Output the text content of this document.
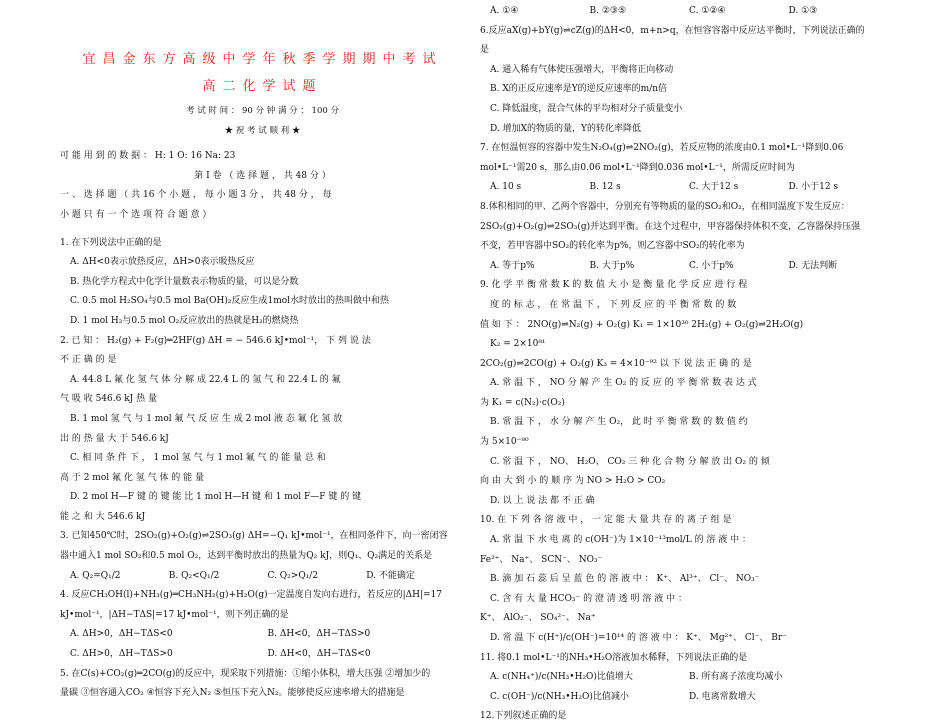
宜昌金东方高级中学年秋季学期期中考试
高二化学试题
考 试 时 间 ： 90 分 钟 满 分 ： 100 分
★ 祝 考 试 顺 利 ★
可 能 用 到 的 数 据 ： H: 1 O: 16 Na: 23
第 Ⅰ 卷 （ 选 择 题 ， 共 48 分 ）
一 、 选 择 题 （ 共 16 个 小 题 ， 每 小 题 3 分 ， 共 48 分 ， 每
小 题 只 有 一 个 选 项 符 合 题 意 ）
1. 在下列说法中正确的是
A. ΔH<0表示放热反应，ΔH>0表示吸热反应
B. 热化学方程式中化学计量数表示物质的量，可以是分数
C. 0.5 mol H₂SO₄与0.5 mol Ba(OH)₂反应生成1mol水时放出的热叫做中和热
D. 1 mol H₂与0.5 mol O₂反应放出的热就是H₂的燃烧热
2. 已 知 ： H₂(g) + F₂(g)═2HF(g) ΔH = − 546.6 kJ•mol⁻¹， 下 列 说 法
不 正 确 的 是
A. 44.8 L 氟 化 氢 气 体 分 解 成 22.4 L 的 氢 气 和 22.4 L 的 氟
气 吸 收 546.6 kJ 热 量
B. 1 mol 氢 气 与 1 mol 氟 气 反 应 生 成 2 mol 液 态 氟 化 氢 放
出 的 热 量 大 于 546.6 kJ
C. 相 同 条 件 下 ， 1 mol 氢 气 与 1 mol 氟 气 的 能 量 总 和
高 于 2 mol 氟 化 氢 气 体 的 能 量
D. 2 mol H—F 键 的 键 能 比 1 mol H—H 键 和 1 mol F—F 键 的 键
能 之 和 大 546.6 kJ
3. 已知450℃时，2SO₂(g)+O₂(g)⇌2SO₃(g) ΔH=−Q₁ kJ•mol⁻¹，在相同条件下，向一密闭容
器中通入1 mol SO₂和0.5 mol O₂，达到平衡时放出的热量为Q₂ kJ，则Q₁、Q₂满足的关系是
A. Q₂=Q₁/2	B. Q₂<Q₁/2	C. Q₂>Q₁/2	D. 不能确定
4. 反应CH₃OH(l)+NH₃(g)═CH₃NH₂(g)+H₂O(g)一定温度自发向右进行，若反应的|ΔH|=17
kJ•mol⁻¹，|ΔH−TΔS|=17 kJ•mol⁻¹，则下列正确的是
A. ΔH>0，ΔH−TΔS<0	B. ΔH<0，ΔH−TΔS>0
C. ΔH>0，ΔH−TΔS>0	D. ΔH<0，ΔH−TΔS<0
5. 在C(s)+CO₂(g)═2CO(g)的反应中，现采取下列措施：①缩小体积，增大压强 ②增加少的
量碳 ③恒容通入CO₂ ④恒容下充入N₂ ⑤恒压下充入N₂。能够使反应速率增大的措施是
A. ①④	B. ②③⑤	C. ①②④	D. ①③
6.反应aX(g)+bY(g)⇌cZ(g)的ΔH<0，m+n>q，在恒容容器中反应达平衡时，下列说法正确的
是
A. 通入稀有气体使压强增大，平衡将正向移动
B. X的正反应速率是Y的逆反应速率的m/n倍
C. 降低温度，混合气体的平均相对分子质量变小
D. 增加X的物质的量，Y的转化率降低
7. 在恒温恒容的容器中发生N₂O₄(g)⇌2NO₂(g)，若反应物的浓度由0.1 mol•L⁻¹降到0.06
mol•L⁻¹需20 s，那么由0.06 mol•L⁻¹降到0.036 mol•L⁻¹，所需反应时间为
A. 10 s	B. 12 s	C. 大于12 s	D. 小于12 s
8.体积相同的甲、乙两个容器中，分别充有等物质的量的SO₂和O₂，在相同温度下发生反应：
2SO₂(g)+O₂(g)⇌2SO₃(g)并达到平衡。在这个过程中，甲容器保持体积不变，乙容器保持压强
不变，若甲容器中SO₂的转化率为p%，则乙容器中SO₂的转化率为
A. 等于p%	B. 大于p%	C. 小于p%	D. 无法判断
9. 化 学 平 衡 常 数 K 的 数 值 大 小 是 衡 量 化 学 反 应 进 行 程
度 的 标 志 ， 在 常 温 下 ， 下 列 反 应 的 平 衡 常 数 的 数
值 如 下 ： 2NO(g)⇌N₂(g) + O₂(g) K₁ = 1×10³⁰ 2H₂(g) + O₂(g)⇌2H₂O(g)
K₂ = 2×10⁸¹
2CO₂(g)⇌2CO(g) + O₂(g) K₃ = 4×10⁻⁹² 以 下 说 法 正 确 的 是
A. 常 温 下 ， NO 分 解 产 生 O₂ 的 反 应 的 平 衡 常 数 表 达 式
为 K₁ = c(N₂)·c(O₂)
B. 常 温 下 ， 水 分 解 产 生 O₂， 此 时 平 衡 常 数 的 数 值 约
为 5×10⁻⁸⁰
C. 常 温 下 ， NO、 H₂O、 CO₂ 三 种 化 合 物 分 解 放 出 O₂ 的 倾
向 由 大 到 小 的 顺 序 为 NO > H₂O > CO₂
D. 以 上 说 法 都 不 正 确
10. 在 下 列 各 溶 液 中 ， 一 定 能 大 量 共 存 的 离 子 组 是
A. 常 温 下 水 电 离 的 c(OH⁻)为 1×10⁻¹³mol/L 的 溶 液 中 ：
Fe²⁺、 Na⁺、 SCN⁻、 NO₃⁻
B. 滴 加 石 蕊 后 呈 蓝 色 的 溶 液 中 ： K⁺、 Al³⁺、 Cl⁻、 NO₃⁻
C. 含 有 大 量 HCO₃⁻ 的 澄 清 透 明 溶 液 中 ：
K⁺、 AlO₂⁻、 SO₄²⁻、 Na⁺
D. 常 温 下 c(H⁺)/c(OH⁻)=10¹⁴ 的 溶 液 中 ： K⁺、 Mg²⁺、 Cl⁻、 Br⁻
11. 将0.1 mol•L⁻¹的NH₃•H₂O溶液加水稀释，下列说法正确的是
A. c(NH₄⁺)/c(NH₃•H₂O)比值增大	B. 所有离子浓度均减小
C. c(OH⁻)/c(NH₃•H₂O)比值减小	D. 电离常数增大
12.下列叙述正确的是
